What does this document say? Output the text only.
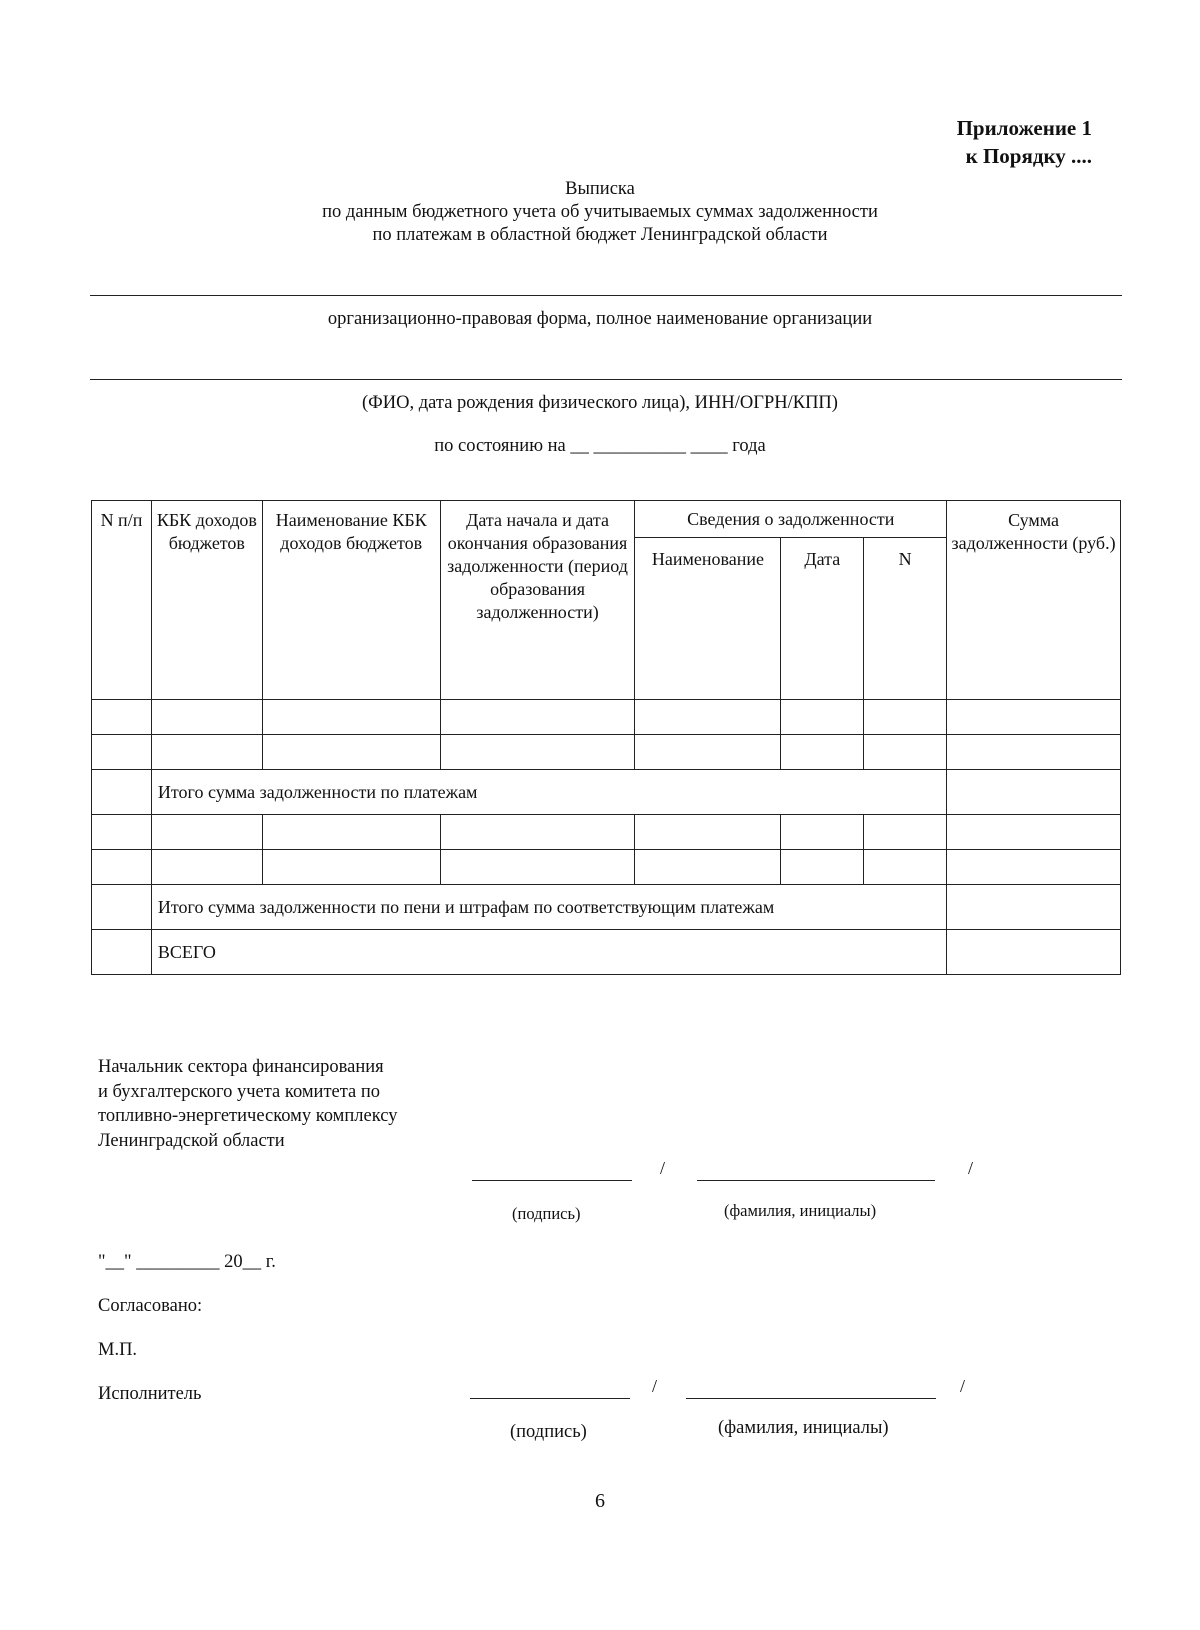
Приложение 1
к Порядку ....
Выписка
по данным бюджетного учета об учитываемых суммах задолженности
по платежам в областной бюджет Ленинградской области
организационно-правовая форма, полное наименование организации
(ФИО, дата рождения физического лица), ИНН/ОГРН/КПП)
по состоянию на __ __________ ____ года
N п/п	КБК доходов бюджетов	Наименование КБК доходов бюджетов	Дата начала и дата окончания образования задолженности (период образования задолженности)	Сведения о задолженности			Сумма задолженности (руб.)
				Наименование	Дата	N	

	Итого сумма задолженности по платежам						

	Итого сумма задолженности по пени и штрафам по соответствующим платежам						
	ВСЕГО						
Начальник сектора финансирования и бухгалтерского учета комитета по топливно-энергетическому комплексу Ленинградской области
/	/
(подпись)	(фамилия, инициалы)
"__" _________ 20__ г.
Согласовано:
М.П.
Исполнитель	/	/
(подпись)	(фамилия, инициалы)
6
